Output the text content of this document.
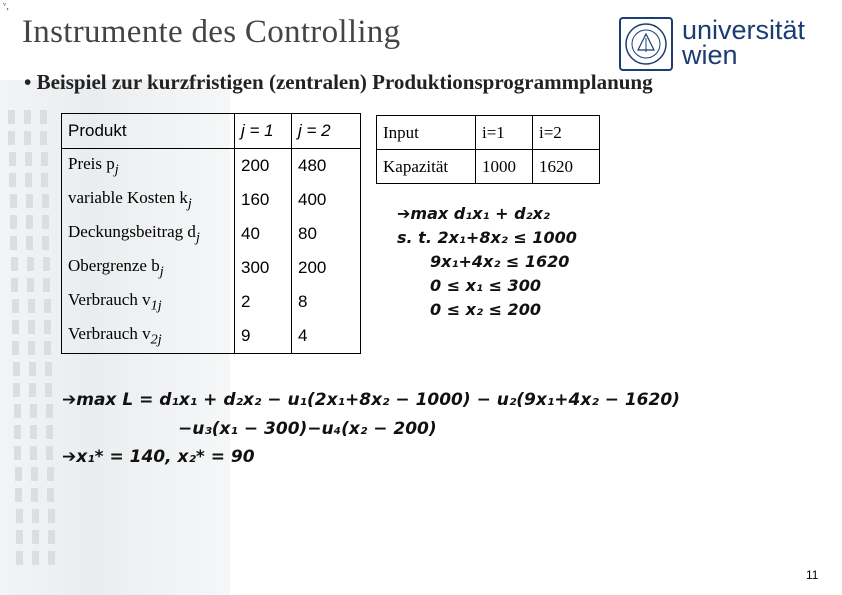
ᵛ,
Instrumente des Controlling	universität
wien
• Beispiel zur kurzfristigen (zentralen) Produktionsprogrammplanung
Produkt	j = 1	j = 2
Preis $p_j$	200	480
variable Kosten $k_j$	160	400
Deckungsbeitrag $d_j$	40	80
Obergrenze $b_j$	300	200
Verbrauch $v_{1j}$	2	8
Verbrauch $v_{2j}$	9	4
Input	i=1	i=2
Kapazität	1000	1620
➔max d₁x₁ + d₂x₂
s. t. 2x₁+8x₂ ≤ 1000
9x₁+4x₂ ≤ 1620
0 ≤ x₁ ≤ 300
0 ≤ x₂ ≤ 200
➔max L = d₁x₁ + d₂x₂ − u₁(2x₁+8x₂ − 1000) − u₂(9x₁+4x₂ − 1620)
−u₃(x₁ − 300)−u₄(x₂ − 200)
➔x₁* = 140, x₂* = 90
11
